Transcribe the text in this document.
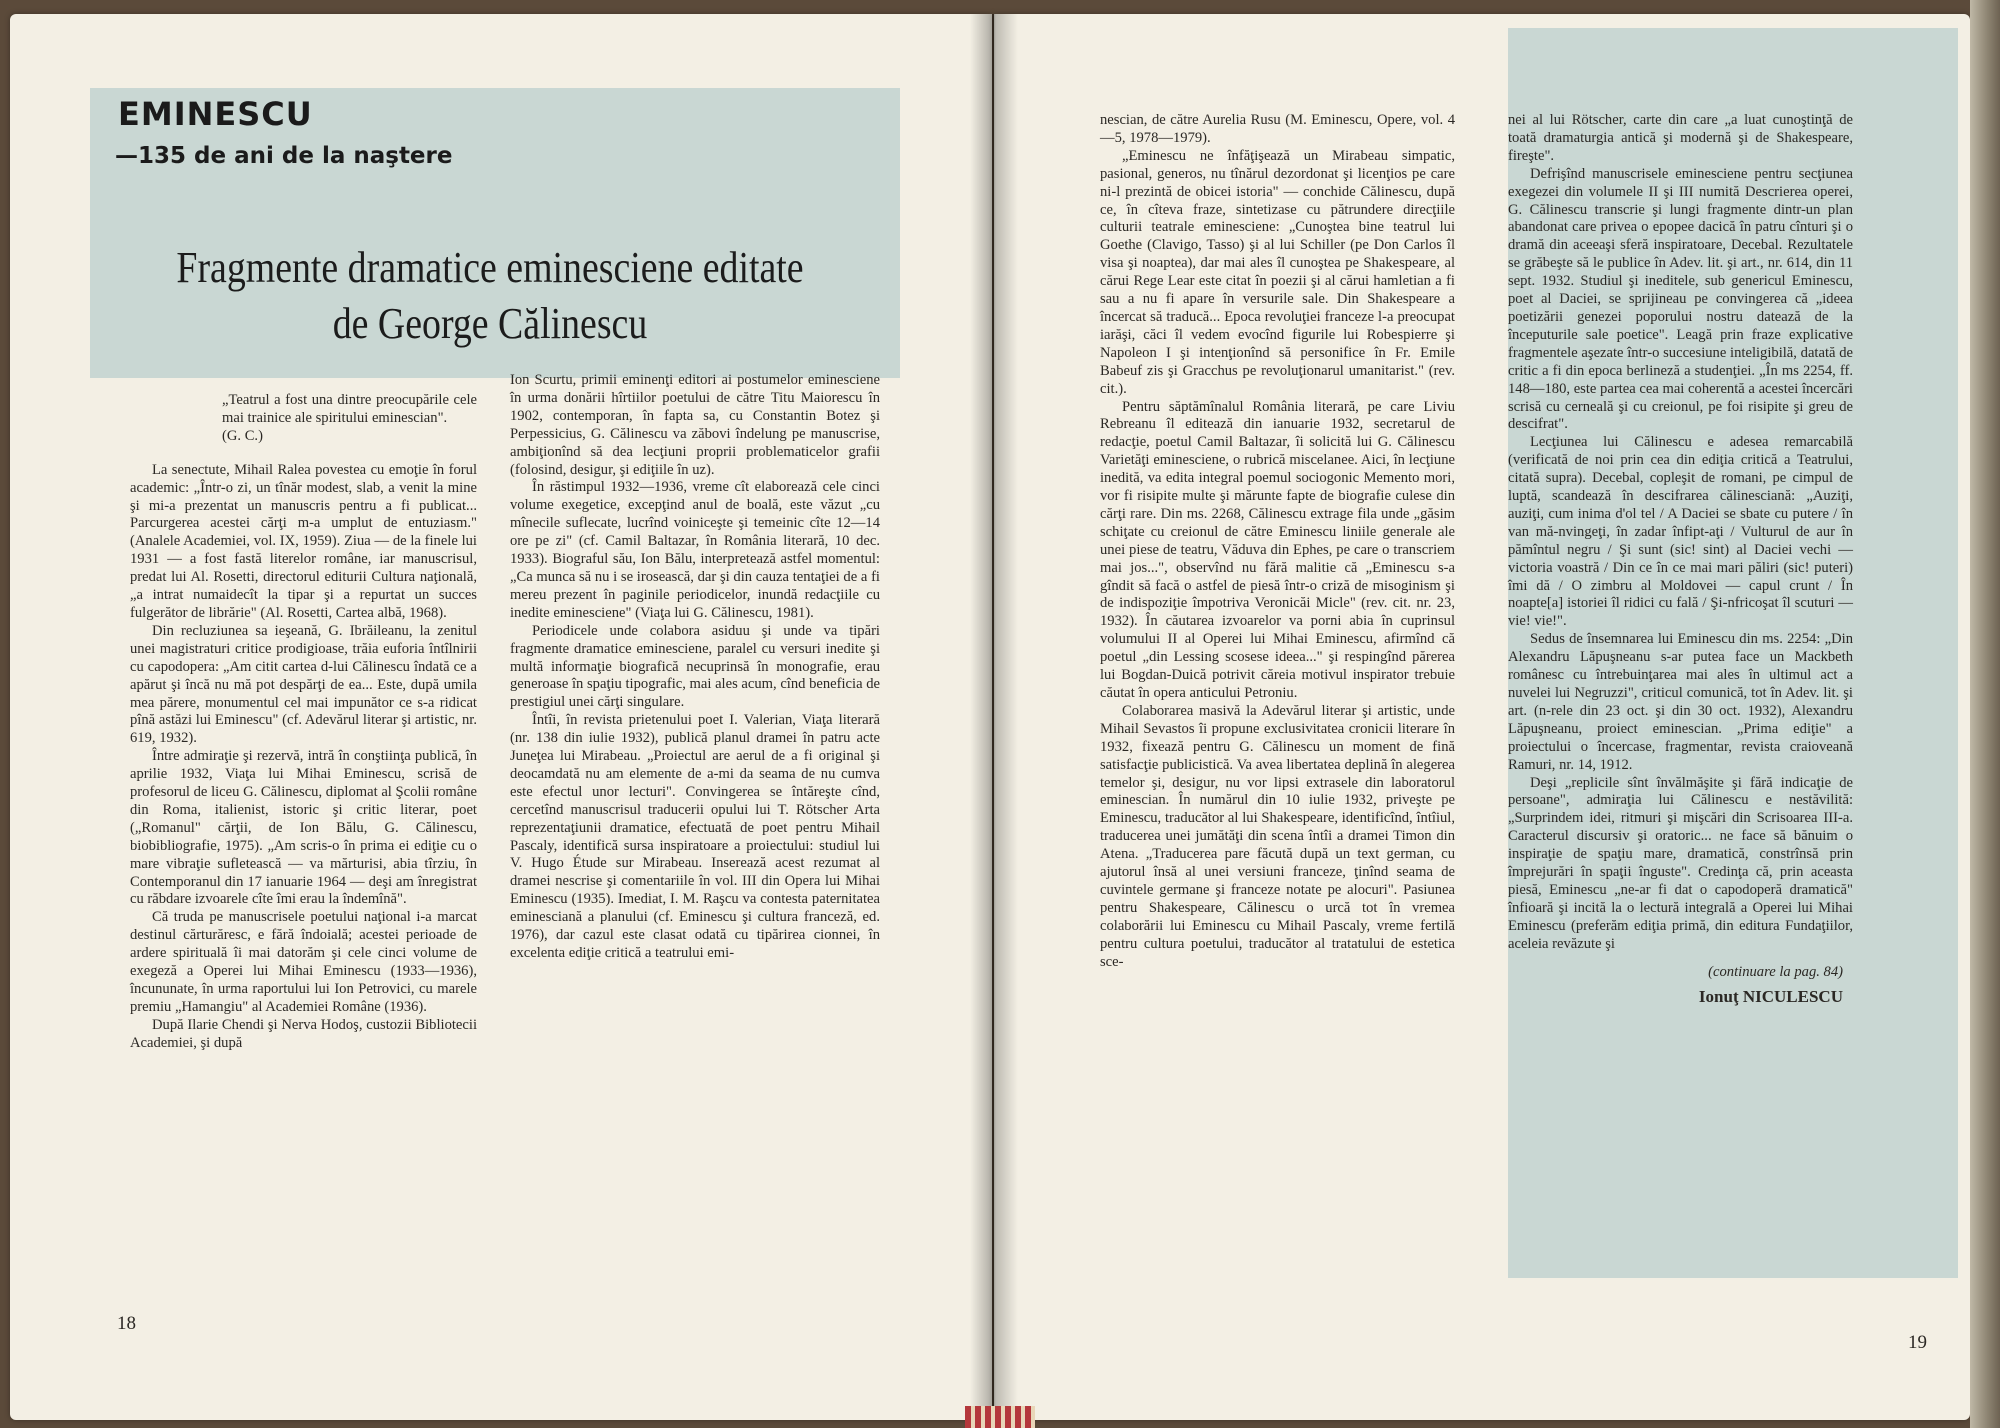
EMINESCU
—135 de ani de la naştere
Fragmente dramatice eminesciene editate
de George Călinescu
„Teatrul a fost una dintre preocupările cele mai trainice ale spiritului eminescian".
(G. C.)

La senectute, Mihail Ralea povestea cu emoţie în forul academic: „Într-o zi, un tînăr modest, slab, a venit la mine şi mi-a prezentat un manuscris pentru a fi publicat... Parcurgerea acestei cărţi m-a umplut de entuziasm." (Analele Academiei, vol. IX, 1959). Ziua — de la finele lui 1931 — a fost fastă literelor române, iar manuscrisul, predat lui Al. Rosetti, directorul editurii Cultura naţională, „a intrat numaidecît la tipar şi a repurtat un succes fulgerător de librărie" (Al. Rosetti, Cartea albă, 1968).

Din recluziunea sa ieşeană, G. Ibrăileanu, la zenitul unei magistraturi critice prodigioase, trăia euforia întîlnirii cu capodopera: „Am citit cartea d-lui Călinescu îndată ce a apărut şi încă nu mă pot despărţi de ea... Este, după umila mea părere, monumentul cel mai impunător ce s-a ridicat pînă astăzi lui Eminescu" (cf. Adevărul literar şi artistic, nr. 619, 1932).

Între admiraţie şi rezervă, intră în conştiinţa publică, în aprilie 1932, Viaţa lui Mihai Eminescu, scrisă de profesorul de liceu G. Călinescu, diplomat al Şcolii române din Roma, italienist, istoric şi critic literar, poet („Romanul" cărţii, de Ion Bălu, G. Călinescu, biobibliografie, 1975). „Am scris-o în prima ei ediţie cu o mare vibraţie sufletească — va mărturisi, abia tîrziu, în Contemporanul din 17 ianuarie 1964 — deşi am înregistrat cu răbdare izvoarele cîte îmi erau la îndemînă".

Că truda pe manuscrisele poetului naţional i-a marcat destinul cărturăresc, e fără îndoială; acestei perioade de ardere spirituală îi mai datorăm şi cele cinci volume de exegeză a Operei lui Mihai Eminescu (1933—1936), încununate, în urma raportului lui Ion Petrovici, cu marele premiu „Hamangiu" al Academiei Române (1936).

După Ilarie Chendi şi Nerva Hodoş, custozii Bibliotecii Academiei, şi după

Ion Scurtu, primii eminenţi editori ai postumelor eminesciene în urma donării hîrtiilor poetului de către Titu Maiorescu în 1902, contemporan, în fapta sa, cu Constantin Botez şi Perpessicius, G. Călinescu va zăbovi îndelung pe manuscrise, ambiţionînd să dea lecţiuni proprii problematicelor grafii (folosind, desigur, şi ediţiile în uz).

În răstimpul 1932—1936, vreme cît elaborează cele cinci volume exegetice, excepţind anul de boală, este văzut „cu mînecile suflecate, lucrînd voiniceşte şi temeinic cîte 12—14 ore pe zi" (cf. Camil Baltazar, în România literară, 10 dec. 1933). Biograful său, Ion Bălu, interpretează astfel momentul: „Ca munca să nu i se irosească, dar şi din cauza tentaţiei de a fi mereu prezent în paginile periodicelor, inundă redacţiile cu inedite eminesciene" (Viaţa lui G. Călinescu, 1981).

Periodicele unde colabora asiduu şi unde va tipări fragmente dramatice eminesciene, paralel cu versuri inedite şi multă informaţie biografică necuprinsă în monografie, erau generoase în spaţiu tipografic, mai ales acum, cînd beneficia de prestigiul unei cărţi singulare.

Întîi, în revista prietenului poet I. Valerian, Viaţa literară (nr. 138 din iulie 1932), publică planul dramei în patru acte Juneţea lui Mirabeau. „Proiectul are aerul de a fi original şi deocamdată nu am elemente de a-mi da seama de nu cumva este efectul unor lecturi". Convingerea se întăreşte cînd, cercetînd manuscrisul traducerii opului lui T. Rötscher Arta reprezentaţiunii dramatice, efectuată de poet pentru Mihail Pascaly, identifică sursa inspiratoare a proiectului: studiul lui V. Hugo Étude sur Mirabeau. Inserează acest rezumat al dramei nescrise şi comentariile în vol. III din Opera lui Mihai Eminescu (1935). Imediat, I. M. Raşcu va contesta paternitatea eminesciană a planului (cf. Eminescu şi cultura franceză, ed. 1976), dar cazul este clasat odată cu tipărirea cionnei, în excelenta ediţie critică a teatrului emi-

nescian, de către Aurelia Rusu (M. Eminescu, Opere, vol. 4—5, 1978—1979).

„Eminescu ne înfăţişează un Mirabeau simpatic, pasional, generos, nu tînărul dezordonat şi licenţios pe care ni-l prezintă de obicei istoria" — conchide Călinescu, după ce, în cîteva fraze, sintetizase cu pătrundere direcţiile culturii teatrale eminesciene: „Cunoştea bine teatrul lui Goethe (Clavigo, Tasso) şi al lui Schiller (pe Don Carlos îl visa şi noaptea), dar mai ales îl cunoştea pe Shakespeare, al cărui Rege Lear este citat în poezii şi al cărui hamletian a fi sau a nu fi apare în versurile sale. Din Shakespeare a încercat să traducă... Epoca revoluţiei franceze l-a preocupat iarăşi, căci îl vedem evocînd figurile lui Robespierre şi Napoleon I şi intenţionînd să personifice în Fr. Emile Babeuf zis şi Gracchus pe revoluţionarul umanitarist." (rev. cit.).

Pentru săptămînalul România literară, pe care Liviu Rebreanu îl editează din ianuarie 1932, secretarul de redacţie, poetul Camil Baltazar, îi solicită lui G. Călinescu Varietăţi eminesciene, o rubrică miscelanee. Aici, în lecţiune inedită, va edita integral poemul sociogonic Memento mori, vor fi risipite multe şi mărunte fapte de biografie culese din cărţi rare. Din ms. 2268, Călinescu extrage fila unde „găsim schiţate cu creionul de către Eminescu liniile generale ale unei piese de teatru, Văduva din Ephes, pe care o transcriem mai jos...", observînd nu fără malitie că „Eminescu s-a gîndit să facă o astfel de piesă într-o criză de misoginism şi de indispoziţie împotriva Veronicăi Micle" (rev. cit. nr. 23, 1932). În căutarea izvoarelor va porni abia în cuprinsul volumului II al Operei lui Mihai Eminescu, afirmînd că poetul „din Lessing scosese ideea..." şi respingînd părerea lui Bogdan-Duică potrivit căreia motivul inspirator trebuie căutat în opera anticului Petroniu.

Colaborarea masivă la Adevărul literar şi artistic, unde Mihail Sevastos îi propune exclusivitatea cronicii literare în 1932, fixează pentru G. Călinescu un moment de fină satisfacţie publicistică. Va avea libertatea deplină în alegerea temelor şi, desigur, nu vor lipsi extrasele din laboratorul eminescian. În numărul din 10 iulie 1932, priveşte pe Eminescu, traducător al lui Shakespeare, identificînd, întîiul, traducerea unei jumătăţi din scena întîi a dramei Timon din Atena. „Traducerea pare făcută după un text german, cu ajutorul însă al unei versiuni franceze, ţinînd seama de cuvintele germane şi franceze notate pe alocuri". Pasiunea pentru Shakespeare, Călinescu o urcă tot în vremea colaborării lui Eminescu cu Mihail Pascaly, vreme fertilă pentru cultura poetului, traducător al tratatului de estetica sce-

nei al lui Rötscher, carte din care „a luat cunoştinţă de toată dramaturgia antică şi modernă şi de Shakespeare, fireşte".

Defrişînd manuscrisele eminesciene pentru secţiunea exegezei din volumele II şi III numită Descrierea operei, G. Călinescu transcrie şi lungi fragmente dintr-un plan abandonat care privea o epopee dacică în patru cînturi şi o dramă din aceeaşi sferă inspiratoare, Decebal. Rezultatele se grăbeşte să le publice în Adev. lit. şi art., nr. 614, din 11 sept. 1932. Studiul şi ineditele, sub genericul Eminescu, poet al Daciei, se sprijineau pe convingerea că „ideea poetizării genezei poporului nostru datează de la începuturile sale poetice". Leagă prin fraze explicative fragmentele aşezate într-o succesiune inteligibilă, datată de critic a fi din epoca berlineză a studenţiei. „În ms 2254, ff. 148—180, este partea cea mai coherentă a acestei încercări scrisă cu cerneală şi cu creionul, pe foi risipite şi greu de descifrat".

Lecţiunea lui Călinescu e adesea remarcabilă (verificată de noi prin cea din ediţia critică a Teatrului, citată supra). Decebal, copleşit de romani, pe cimpul de luptă, scandează în descifrarea călinesciană: „Auziţi, auziţi, cum inima d'ol tel / A Daciei se sbate cu putere / în van mă-nvingeţi, în zadar înfipt-aţi / Vulturul de aur în pămîntul negru / Şi sunt (sic! sint) al Daciei vechi — victoria voastră / Din ce în ce mai mari păliri (sic! puteri) îmi dă / O zimbru al Moldovei — capul crunt / În noapte[a] istoriei îl ridici cu fală / Şi-nfricoşat îl scuturi — vie! vie!".

Sedus de însemnarea lui Eminescu din ms. 2254: „Din Alexandru Lăpuşneanu s-ar putea face un Mackbeth românesc cu întrebuinţarea mai ales în ultimul act a nuvelei lui Negruzzi", criticul comunică, tot în Adev. lit. şi art. (n-rele din 23 oct. şi din 30 oct. 1932), Alexandru Lăpuşneanu, proiect eminescian. „Prima ediţie" a proiectului o încercase, fragmentar, revista craioveană Ramuri, nr. 14, 1912.

Deşi „replicile sînt învălmăşite şi fără indicaţie de persoane", admiraţia lui Călinescu e nestăvilită: „Surprindem idei, ritmuri şi mişcări din Scrisoarea III-a. Caracterul discursiv şi oratoric... ne face să bănuim o inspiraţie de spaţiu mare, dramatică, constrînsă prin împrejurări în spaţii înguste". Credinţa că, prin aceasta piesă, Eminescu „ne-ar fi dat o capodoperă dramatică" înfioară şi incită la o lectură integrală a Operei lui Mihai Eminescu (preferăm ediţia primă, din editura Fundaţiilor, aceleia revăzute şi

(continuare la pag. 84)
Ionuţ NICULESCU
18
19
